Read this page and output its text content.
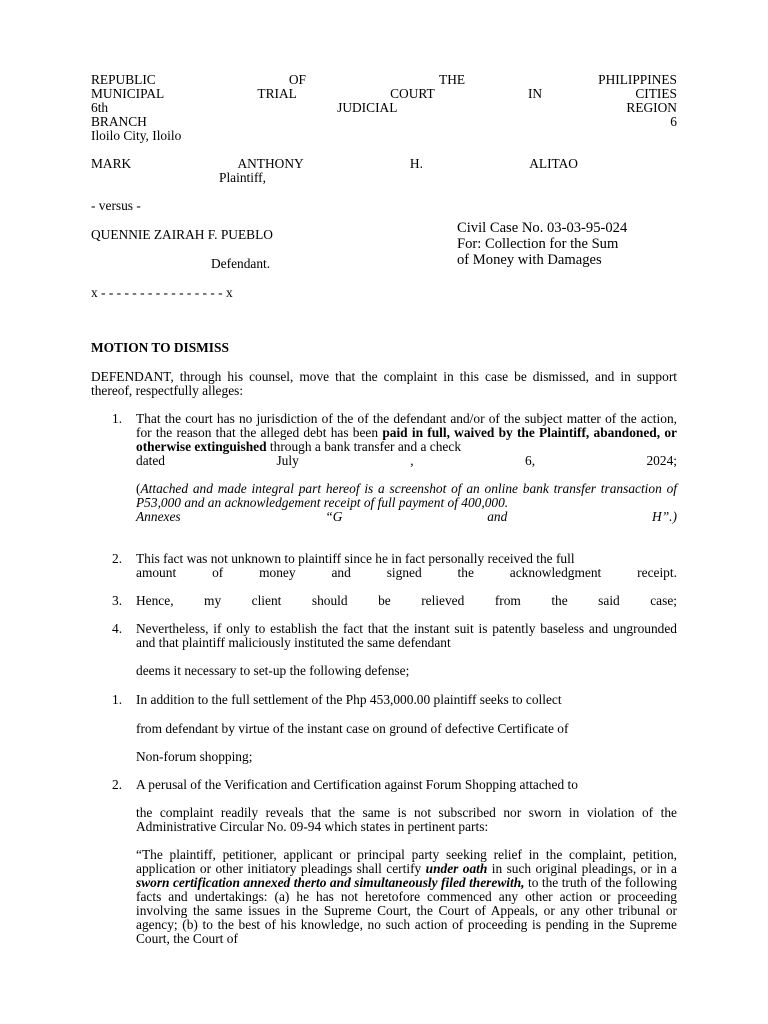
REPUBLIC	OF	THE	PHILIPPINES
MUNICIPAL	TRIAL	COURT	IN	CITIES
6th	JUDICIAL	REGION
BRANCH	6
Iloilo City, Iloilo
MARK	ANTHONY	H.	ALITAO
Plaintiff,
- versus -
QUENNIE ZAIRAH F. PUEBLO
Defendant.
Civil Case No. 03-03-95-024
For: Collection for the Sum
of Money with Damages
x - - - - - - - - - - - - - - - - x
MOTION TO DISMISS
DEFENDANT, through his counsel, move that the complaint in this case be dismissed, and in support thereof, respectfully alleges:
1. That the court has no jurisdiction of the of the defendant and/or of the subject matter of the action, for the reason that the alleged debt has been paid in full, waived by the Plaintiff, abandoned, or otherwise extinguished through a bank transfer and a check
dated	July	,	6,	2024;
(Attached and made integral part hereof is a screenshot of an online bank transfer transaction of P53,000 and an acknowledgement receipt of full payment of 400,000.
Annexes	“G	and	H”.)
2. This fact was not unknown to plaintiff since he in fact personally received the full
amount	of	money	and	signed	the	acknowledgment	receipt.
3. Hence, my client should be relieved from the said case;
4. Nevertheless, if only to establish the fact that the instant suit is patently baseless and ungrounded and that plaintiff maliciously instituted the same defendant
deems it necessary to set-up the following defense;
1. In addition to the full settlement of the Php 453,000.00 plaintiff seeks to collect
from defendant by virtue of the instant case on ground of defective Certificate of
Non-forum shopping;
2. A perusal of the Verification and Certification against Forum Shopping attached to
the complaint readily reveals that the same is not subscribed nor sworn in violation of the Administrative Circular No. 09-94 which states in pertinent parts:
“The plaintiff, petitioner, applicant or principal party seeking relief in the complaint, petition, application or other initiatory pleadings shall certify under oath in such original pleadings, or in a sworn certification annexed therto and simultaneously filed therewith, to the truth of the following facts and undertakings: (a) he has not heretofore commenced any other action or proceeding involving the same issues in the Supreme Court, the Court of Appeals, or any other tribunal or agency; (b) to the best of his knowledge, no such action of proceeding is pending in the Supreme Court, the Court of
